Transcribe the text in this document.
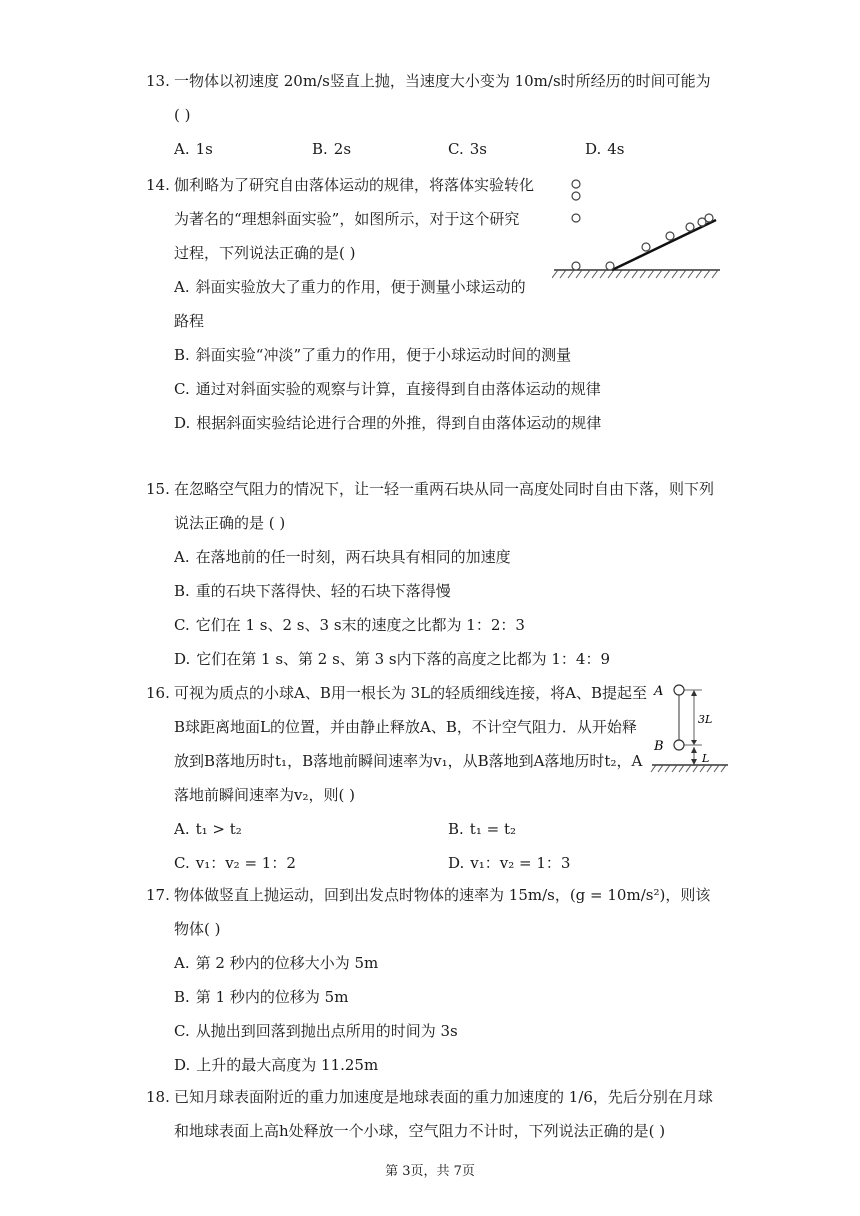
13. 一物体以初速度 20m/s竖直上抛，当速度大小变为 10m/s时所经历的时间可能为
( )
A. 1s	B. 2s	C. 3s	D. 4s
14. 伽利略为了研究自由落体运动的规律，将落体实验转化
为著名的“理想斜面实验”，如图所示，对于这个研究
过程，下列说法正确的是( )
A. 斜面实验放大了重力的作用，便于测量小球运动的
路程
B. 斜面实验“冲淡”了重力的作用，便于小球运动时间的测量
C. 通过对斜面实验的观察与计算，直接得到自由落体运动的规律
D. 根据斜面实验结论进行合理的外推，得到自由落体运动的规律
15. 在忽略空气阻力的情况下，让一轻一重两石块从同一高度处同时自由下落，则下列
说法正确的是 ( )
A. 在落地前的任一时刻，两石块具有相同的加速度
B. 重的石块下落得快、轻的石块下落得慢
C. 它们在 1 s、2 s、3 s末的速度之比都为 1：2：3
D. 它们在第 1 s、第 2 s、第 3 s内下落的高度之比都为 1：4：9
16. 可视为质点的小球A、B用一根长为 3L的轻质细线连接，将A、B提起至
B球距离地面L的位置，并由静止释放A、B，不计空气阻力．从开始释
放到B落地历时t₁，B落地前瞬间速率为v₁，从B落地到A落地历时t₂，A
落地前瞬间速率为v₂，则( )
A. t₁ > t₂	B. t₁ = t₂
C. v₁：v₂ = 1：2	D. v₁：v₂ = 1：3
A
B
3L
L
17. 物体做竖直上抛运动，回到出发点时物体的速率为 15m/s，(g = 10m/s²)，则该
物体( )
A. 第 2 秒内的位移大小为 5m
B. 第 1 秒内的位移为 5m
C. 从抛出到回落到抛出点所用的时间为 3s
D. 上升的最大高度为 11.25m
18. 已知月球表面附近的重力加速度是地球表面的重力加速度的 1/6，先后分别在月球
和地球表面上高h处释放一个小球，空气阻力不计时，下列说法正确的是( )
第 3页，共 7页
